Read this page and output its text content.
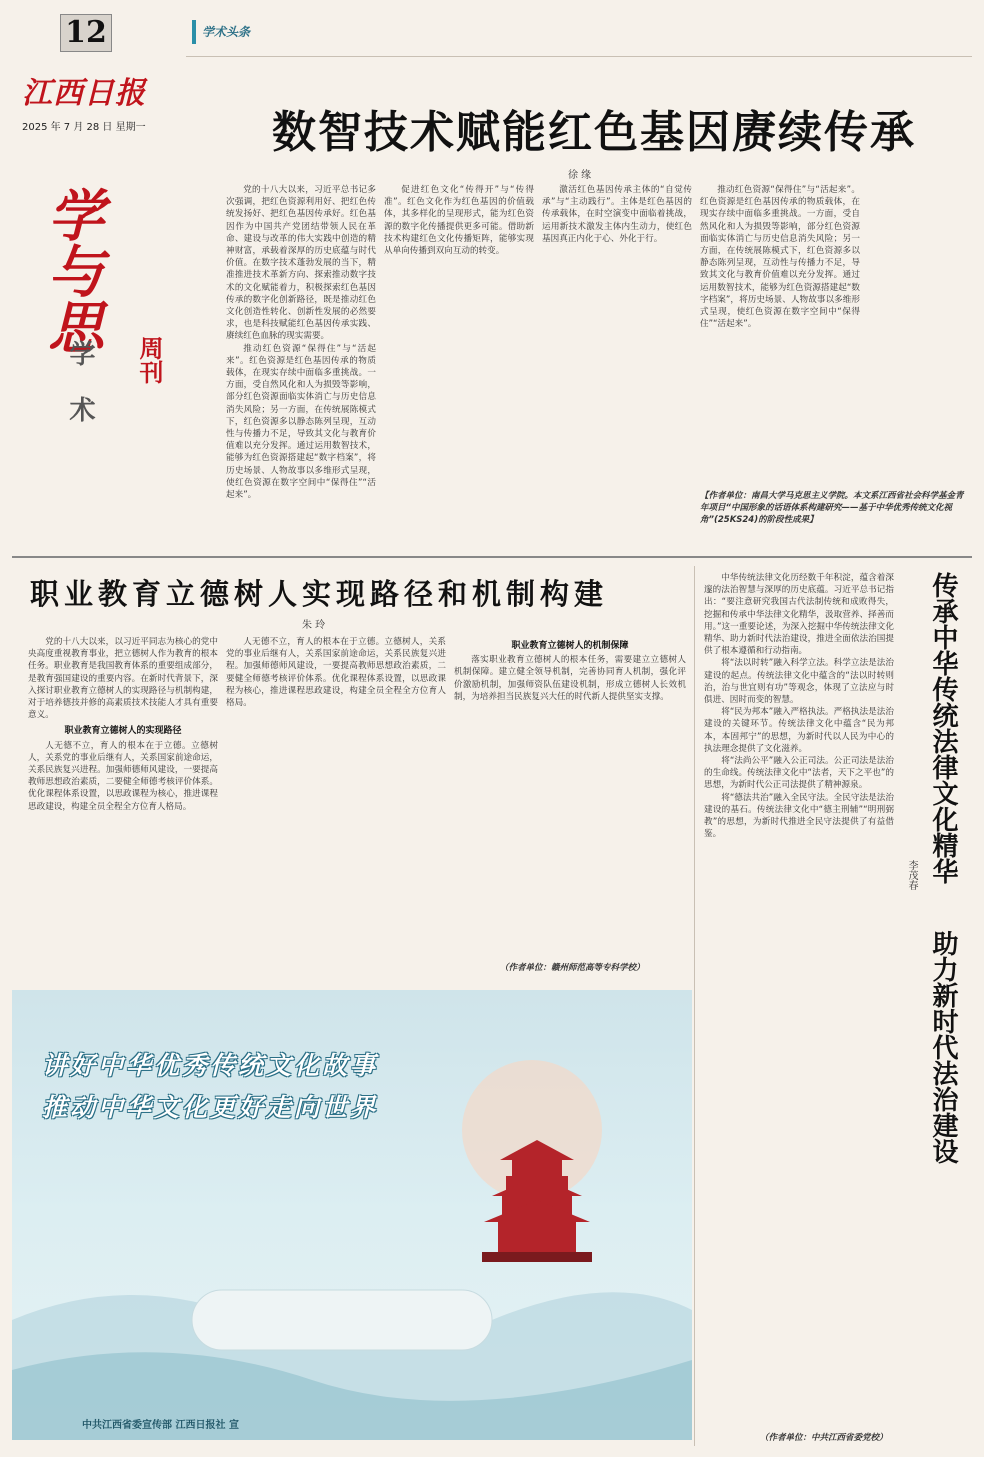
12	学术头条
江西日报
2025 年 7 月 28 日 星期一
学与思
周刊
学术
数智技术赋能红色基因赓续传承
徐 缘

党的十八大以来，习近平总书记多次强调，把红色资源利用好、把红色传统发扬好、把红色基因传承好。红色基因作为中国共产党团结带领人民在革命、建设与改革的伟大实践中创造的精神财富，承载着深厚的历史底蕴与时代价值。在数字技术蓬勃发展的当下，精准推进技术革新方向、探索推动数字技术的文化赋能着力，积极探索红色基因传承的数字化创新路径，既是推动红色文化创造性转化、创新性发展的必然要求，也是科技赋能红色基因传承实践、赓续红色血脉的现实需要。

推动红色资源“保得住”与“活起来”。红色资源是红色基因传承的物质载体，在现实存续中面临多重挑战。一方面，受自然风化和人为损毁等影响，部分红色资源面临实体消亡与历史信息消失风险；另一方面，在传统展陈模式下，红色资源多以静态陈列呈现，互动性与传播力不足，导致其文化与教育价值难以充分发挥。通过运用数智技术，能够为红色资源搭建起“数字档案”，将历史场景、人物故事以多维形式呈现，使红色资源在数字空间中“保得住”“活起来”。

促进红色文化“传得开”与“传得准”。红色文化作为红色基因的价值载体，其多样化的呈现形式，能为红色资源的数字化传播提供更多可能。借助新技术构建红色文化传播矩阵，能够实现从单向传播到双向互动的转变。

激活红色基因传承主体的“自觉传承”与“主动践行”。主体是红色基因的传承载体，在时空演变中面临着挑战，运用新技术激发主体内生动力，使红色基因真正内化于心、外化于行。

推动红色资源“保得住”与“活起来”。红色资源是红色基因传承的物质载体，在现实存续中面临多重挑战。一方面，受自然风化和人为损毁等影响，部分红色资源面临实体消亡与历史信息消失风险；另一方面，在传统展陈模式下，红色资源多以静态陈列呈现，互动性与传播力不足，导致其文化与教育价值难以充分发挥。通过运用数智技术，能够为红色资源搭建起“数字档案”，将历史场景、人物故事以多维形式呈现，使红色资源在数字空间中“保得住”“活起来”。

【作者单位：南昌大学马克思主义学院。本文系江西省社会科学基金青年项目“中国形象的话语体系构建研究——基于中华优秀传统文化视角”(25KS24)的阶段性成果】
职业教育立德树人实现路径和机制构建
朱 玲

党的十八大以来，以习近平同志为核心的党中央高度重视教育事业，把立德树人作为教育的根本任务。职业教育是我国教育体系的重要组成部分，是教育强国建设的重要内容。在新时代背景下，深入探讨职业教育立德树人的实现路径与机制构建，对于培养德技并修的高素质技术技能人才具有重要意义。

职业教育立德树人的实现路径

人无德不立，育人的根本在于立德。立德树人，关系党的事业后继有人，关系国家前途命运，关系民族复兴进程。加强师德师风建设，一要提高教师思想政治素质，二要健全师德考核评价体系。优化课程体系设置，以思政课程为核心，推进课程思政建设，构建全员全程全方位育人格局。

人无德不立，育人的根本在于立德。立德树人，关系党的事业后继有人，关系国家前途命运，关系民族复兴进程。加强师德师风建设，一要提高教师思想政治素质，二要健全师德考核评价体系。优化课程体系设置，以思政课程为核心，推进课程思政建设，构建全员全程全方位育人格局。

职业教育立德树人的机制保障

落实职业教育立德树人的根本任务，需要建立立德树人机制保障。建立健全领导机制，完善协同育人机制，强化评价激励机制，加强师资队伍建设机制，形成立德树人长效机制，为培养担当民族复兴大任的时代新人提供坚实支撑。

（作者单位：赣州师范高等专科学校）
传承中华传统法律文化精华
助力新时代法治建设
李茂春

中华传统法律文化历经数千年积淀，蕴含着深邃的法治智慧与深厚的历史底蕴。习近平总书记指出：“要注意研究我国古代法制传统和成败得失，挖掘和传承中华法律文化精华，汲取营养、择善而用。”这一重要论述，为深入挖掘中华传统法律文化精华、助力新时代法治建设，推进全面依法治国提供了根本遵循和行动指南。

将“法以时转”融入科学立法。科学立法是法治建设的起点。传统法律文化中蕴含的“法以时转则治，治与世宜则有功”等观念，体现了立法应与时俱进、因时而变的智慧。

将“民为邦本”融入严格执法。严格执法是法治建设的关键环节。传统法律文化中蕴含“民为邦本，本固邦宁”的思想，为新时代以人民为中心的执法理念提供了文化滋养。

将“法尚公平”融入公正司法。公正司法是法治的生命线。传统法律文化中“法者，天下之平也”的思想，为新时代公正司法提供了精神源泉。

将“德法共治”融入全民守法。全民守法是法治建设的基石。传统法律文化中“德主刑辅”“明刑弼教”的思想，为新时代推进全民守法提供了有益借鉴。

（作者单位：中共江西省委党校）
讲好中华优秀传统文化故事
推动中华文化更好走向世界
中共江西省委宣传部 江西日报社 宣
